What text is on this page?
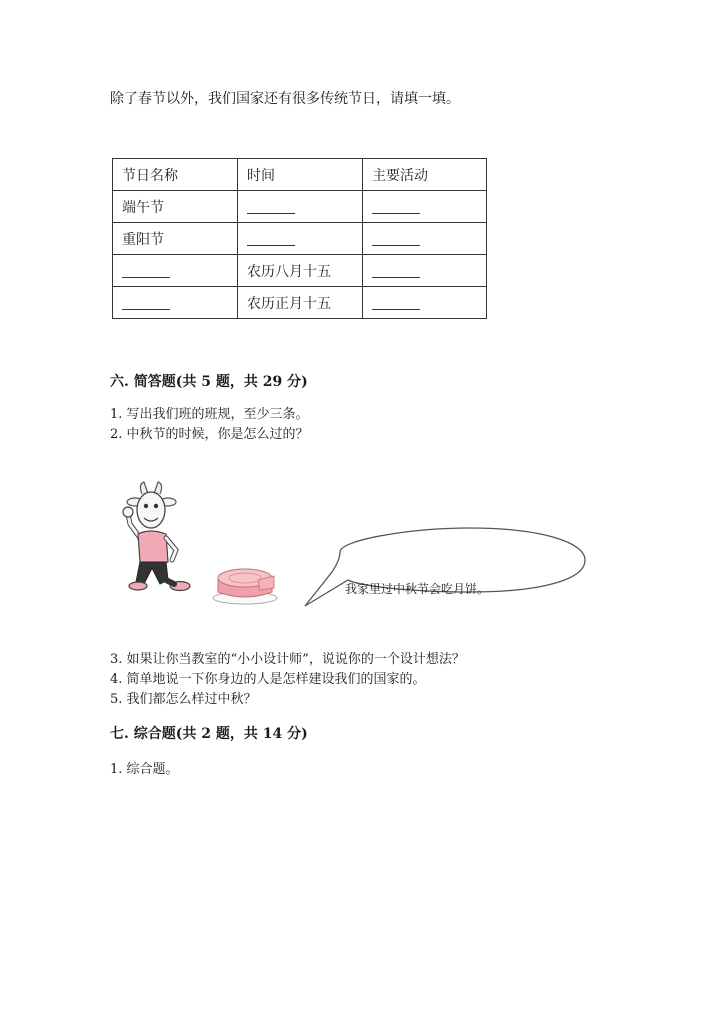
除了春节以外，我们国家还有很多传统节日，请填一填。
节日名称	时间	主要活动
端午节		
重阳节		
	农历八月十五	
	农历正月十五	
六. 简答题(共 5 题，共 29 分)
1. 写出我们班的班规，至少三条。
2. 中秋节的时候，你是怎么过的？
我家里过中秋节会吃月饼。
3. 如果让你当教室的“小小设计师”，说说你的一个设计想法？
4. 简单地说一下你身边的人是怎样建设我们的国家的。
5. 我们都怎么样过中秋？
七. 综合题(共 2 题，共 14 分)
1. 综合题。
